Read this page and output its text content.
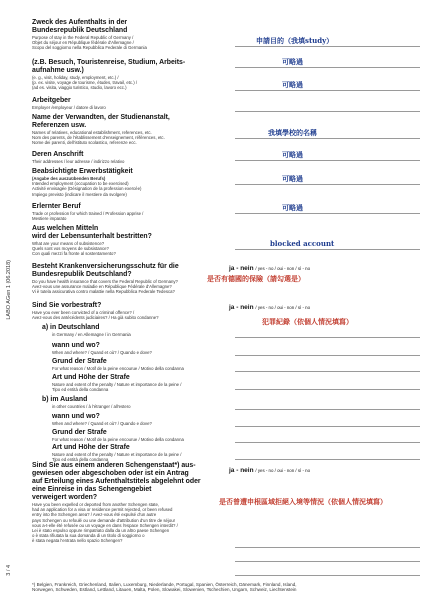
LABO AGen 1 (06.2018)
3 / 4
Zweck des Aufenthalts in der
Bundesrepublik Deutschland
Purpose of stay in the Federal Republic of Germany /
Objet du séjour en République fédérale d'Allemagne /
Scopo del soggiorno nella Repubblica Federale di Germania
申請目的（我填study）
(z.B. Besuch, Touristenreise, Studium, Arbeits-
aufnahme usw.)
(e. g., visit, holiday, study, employment, etc.) /
(p. ex. visite, voyage de tourisme, études, travail, etc.) /
(ad es. visita, viaggio turistico, studio, lavoro ecc.)
可略過
可略過
Arbeitgeber
Employer /employeur / datore di lavoro
Name der Verwandten, der Studienanstalt,
Referenzen usw.
Names of relatives, educational establishment, references, etc.
Nom des parents, de l'établissement d'enseignement, références, etc.
Nome dei parenti, dell'istituto scolastico, referenze ecc.
我填學校的名稱
Deren Anschrift
Their addresses / leur adresse / indirizzo relativo
可略過
Beabsichtigte Erwerbstätigkeit
(Angabe des auszuübenden Berufs)
Intended employment (occupation to be exercised)
Activité envisagée (Désignation de la profession exercée)
Impiego previsto (indicare il mestiere da svolgere)
可略過
Erlernter Beruf
Trade or profession for which trained / Profession apprise /
Mestiere imparato
可略過
Aus welchen Mitteln
wird der Lebensunterhalt bestritten?
What are your means of subsistence?
Quels sont vos moyens de subsistance?
Con quali mezzi fa fronte al sostentamento?
blocked account
Besteht Krankenversicherungsschutz für die
Bundesrepublik Deutschland?
Do you have health insurance that covers the Federal Republic of Germany?
Avez-vous une assurance maladie en République Fédérale d'Allemagne?
Vi è tutela assicurativa contro malattie nella Repubblica Federale Tedesca?
ja - nein / yes - no / oui - non / sì - no
是否有德國的保險（請勾選是）
Sind Sie vorbestraft?
Have you ever been convicted of a criminal offence? /
Avez-vous des antécédents judiciaires? / Ha già subito condanne?
ja - nein / yes - no / oui - non / sì - no
犯罪紀錄（依個人情況填寫）
a) in Deutschland
in Germany / en Allemagne / in Germania
wann und wo?
When and where? / Quand et où? / Quando e dove?
Grund der Strafe
For what reason / Motif de la peine encourue / Motivo della condanna
Art und Höhe der Strafe
Nature and extent of the penalty / Nature et importance de la peine /
Tipo ed entità della condanna
b) im Ausland
in other countries / à l'étranger / all'estero
wann und wo?
When and where? / Quand et où? / Quando e dove?
Grund der Strafe
For what reason / Motif de la peine encourue / Motivo della condanna
Art und Höhe der Strafe
Nature and extent of the penalty / Nature et importance de la peine /
Tipo ed entità della condanna
Sind Sie aus einem anderen Schengenstaat*) aus-
gewiesen oder abgeschoben oder ist ein Antrag
auf Erteilung eines Aufenthaltstitels abgelehnt oder
eine Einreise in das Schengengebiet
verweigert worden?
Have you been expelled or deported from another Schengen state,
had an application for a visa or residence permit rejected, or been refused
entry into the Schengen area? / Avez-vous été expulsé d'un autre
pays Schengen ou refoulé ou une demande d'attribution d'un titre de séjour
vous a-t-elle été refusée ou un voyage en dans l'espace Schengen interdit? /
Lei è stato espulso oppure rimpatriato dalla da un altro paese Schengen
o è stata rifiutata la sua domanda di un titolo di soggiorno o
è stata negata l'entrata nello spazio Schengen?
ja - nein / yes - no / oui - non / sì - no
是否曾遭申根區域拒絕入境等情況（依個人情況填寫）
*) Belgien, Frankreich, Griechenland, Italien, Luxemburg, Niederlande, Portugal, Spanien, Österreich, Dänemark, Finnland, Island,
Norwegen, Schweden, Estland, Lettland, Litauen, Malta, Polen, Slowakei, Slowenien, Tschechien, Ungarn, Schweiz, Liechtenstein
